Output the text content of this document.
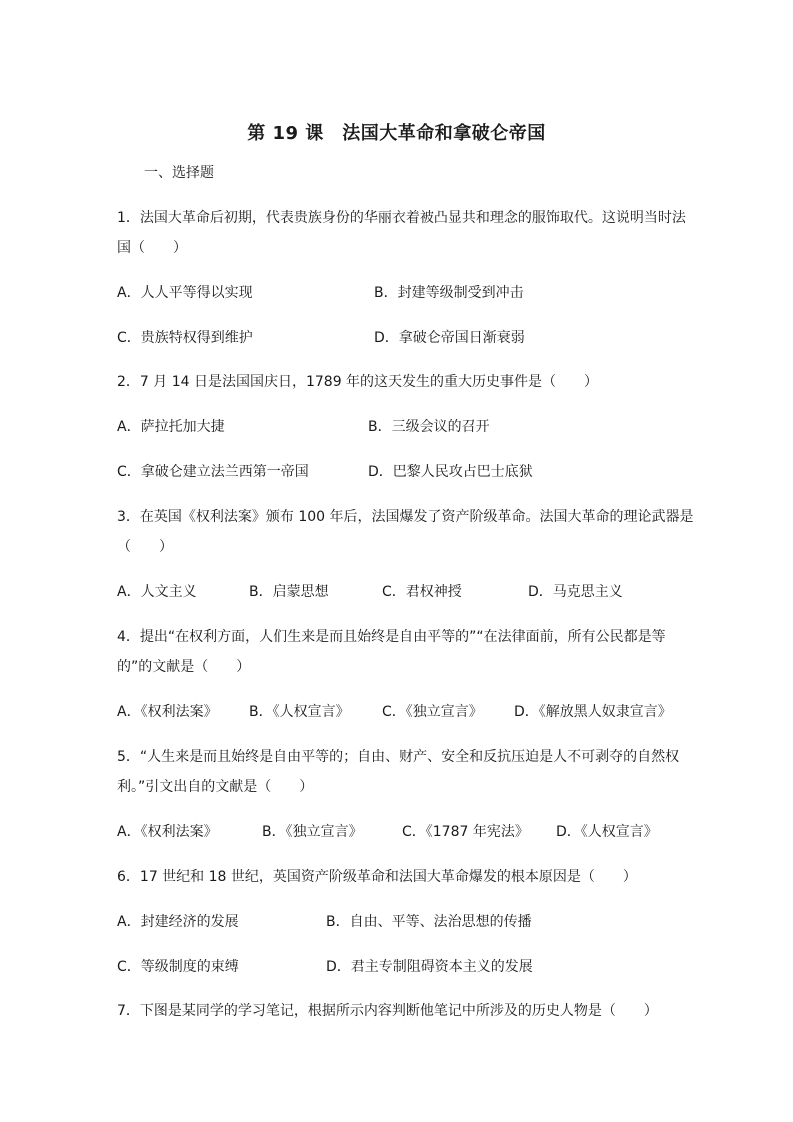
第 19 课　法国大革命和拿破仑帝国
一、选择题
1．法国大革命后初期，代表贵族身份的华丽衣着被凸显共和理念的服饰取代。这说明当时法
国（　　）
A．人人平等得以实现	B．封建等级制受到冲击
C．贵族特权得到维护	D．拿破仑帝国日渐衰弱
2．7 月 14 日是法国国庆日，1789 年的这天发生的重大历史事件是（　　）
A．萨拉托加大捷	B．三级会议的召开
C．拿破仑建立法兰西第一帝国	D．巴黎人民攻占巴士底狱
3．在英国《权利法案》颁布 100 年后，法国爆发了资产阶级革命。法国大革命的理论武器是
（　　）
A．人文主义	B．启蒙思想	C．君权神授	D．马克思主义
4．提出“在权利方面，人们生来是而且始终是自由平等的”“在法律面前，所有公民都是等
的”的文献是（　　）
A．《权利法案》 B．《人权宣言》 C．《独立宣言》 D．《解放黑人奴隶宣言》
5．“人生来是而且始终是自由平等的；自由、财产、安全和反抗压迫是人不可剥夺的自然权
利。”引文出自的文献是（　　）
A．《权利法案》	B．《独立宣言》	C．《1787 年宪法》 D．《人权宣言》
6．17 世纪和 18 世纪，英国资产阶级革命和法国大革命爆发的根本原因是（　　）
A．封建经济的发展	B．自由、平等、法治思想的传播
C．等级制度的束缚	D．君主专制阻碍资本主义的发展
7．下图是某同学的学习笔记，根据所示内容判断他笔记中所涉及的历史人物是（　　）
